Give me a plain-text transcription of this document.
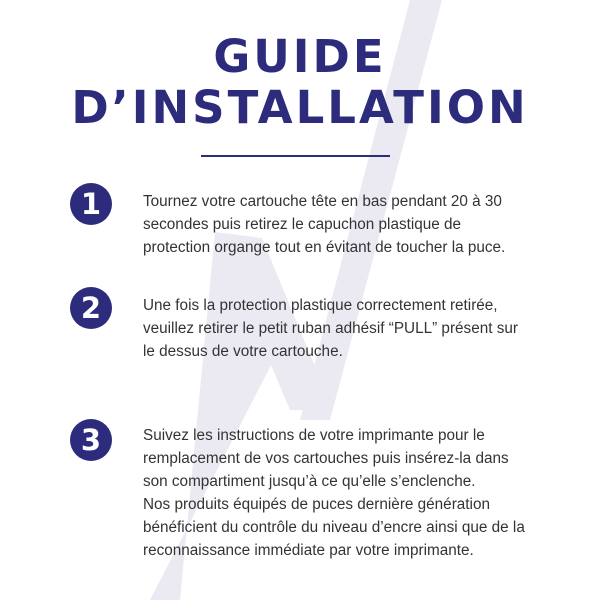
GUIDE
D’INSTALLATION
1	Tournez votre cartouche tête en bas pendant 20 à 30
secondes puis retirez le capuchon plastique de
protection organge tout en évitant de toucher la puce.
2	Une fois la protection plastique correctement retirée,
veuillez retirer le petit ruban adhésif “PULL” présent sur
le dessus de votre cartouche.
3	Suivez les instructions de votre imprimante pour le
remplacement de vos cartouches puis insérez-la dans
son compartiment jusqu’à ce qu’elle s’enclenche.
Nos produits équipés de puces dernière génération
bénéficient du contrôle du niveau d’encre ainsi que de la
reconnaissance immédiate par votre imprimante.
